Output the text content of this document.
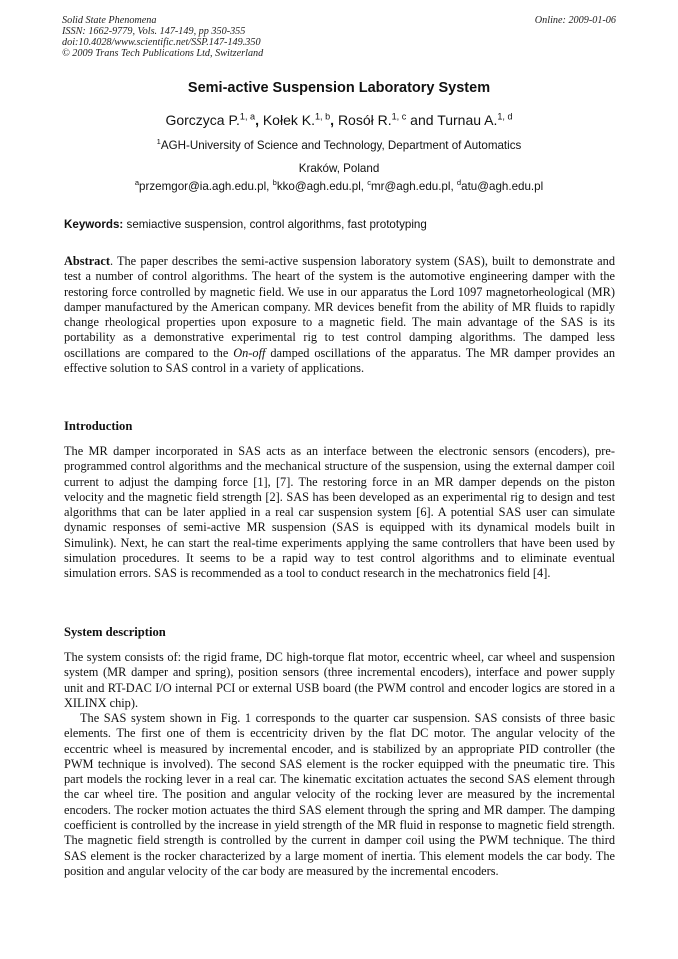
Solid State Phenomena
ISSN: 1662-9779, Vols. 147-149, pp 350-355
doi:10.4028/www.scientific.net/SSP.147-149.350
© 2009 Trans Tech Publications Ltd, Switzerland
Online: 2009-01-06
Semi-active Suspension Laboratory System
Gorczyca P.$^{1, a}$, Kołek K.$^{1, b}$, Rosół R.$^{1, c}$ and Turnau A.$^{1, d}$
$^1$AGH-University of Science and Technology, Department of Automatics
Kraków, Poland
$^a$przemgor@ia.agh.edu.pl, $^b$kko@agh.edu.pl, $^c$mr@agh.edu.pl, $^d$atu@agh.edu.pl
Keywords: semiactive suspension, control algorithms, fast prototyping

Abstract. The paper describes the semi-active suspension laboratory system (SAS), built to demonstrate and test a number of control algorithms. The heart of the system is the automotive engineering damper with the restoring force controlled by magnetic field. We use in our apparatus the Lord 1097 magnetorheological (MR) damper manufactured by the American company. MR devices benefit from the ability of MR fluids to rapidly change rheological properties upon exposure to a magnetic field. The main advantage of the SAS is its portability as a demonstrative experimental rig to test control damping algorithms. The damped less oscillations are compared to the On-off damped oscillations of the apparatus. The MR damper provides an effective solution to SAS control in a variety of applications.

Introduction

The MR damper incorporated in SAS acts as an interface between the electronic sensors (encoders), pre-programmed control algorithms and the mechanical structure of the suspension, using the external damper coil current to adjust the damping force [1], [7]. The restoring force in an MR damper depends on the piston velocity and the magnetic field strength [2]. SAS has been developed as an experimental rig to design and test algorithms that can be later applied in a real car suspension system [6]. A potential SAS user can simulate dynamic responses of semi-active MR suspension (SAS is equipped with its dynamical models built in Simulink). Next, he can start the real-time experiments applying the same controllers that have been used by simulation procedures. It seems to be a rapid way to test control algorithms and to eliminate eventual simulation errors. SAS is recommended as a tool to conduct research in the mechatronics field [4].

System description

The system consists of: the rigid frame, DC high-torque flat motor, eccentric wheel, car wheel and suspension system (MR damper and spring), position sensors (three incremental encoders), interface and power supply unit and RT-DAC I/O internal PCI or external USB board (the PWM control and encoder logics are stored in a XILINX chip).

The SAS system shown in Fig. 1 corresponds to the quarter car suspension. SAS consists of three basic elements. The first one of them is eccentricity driven by the flat DC motor. The angular velocity of the eccentric wheel is measured by incremental encoder, and is stabilized by an appropriate PID controller (the PWM technique is involved). The second SAS element is the rocker equipped with the pneumatic tire. This part models the rocking lever in a real car. The kinematic excitation actuates the second SAS element through the car wheel tire. The position and angular velocity of the rocking lever are measured by the incremental encoders. The rocker motion actuates the third SAS element through the spring and MR damper. The damping coefficient is controlled by the increase in yield strength of the MR fluid in response to magnetic field strength. The magnetic field strength is controlled by the current in damper coil using the PWM technique. The third SAS element is the rocker characterized by a large moment of inertia. This element models the car body. The position and angular velocity of the car body are measured by the incremental encoders.
